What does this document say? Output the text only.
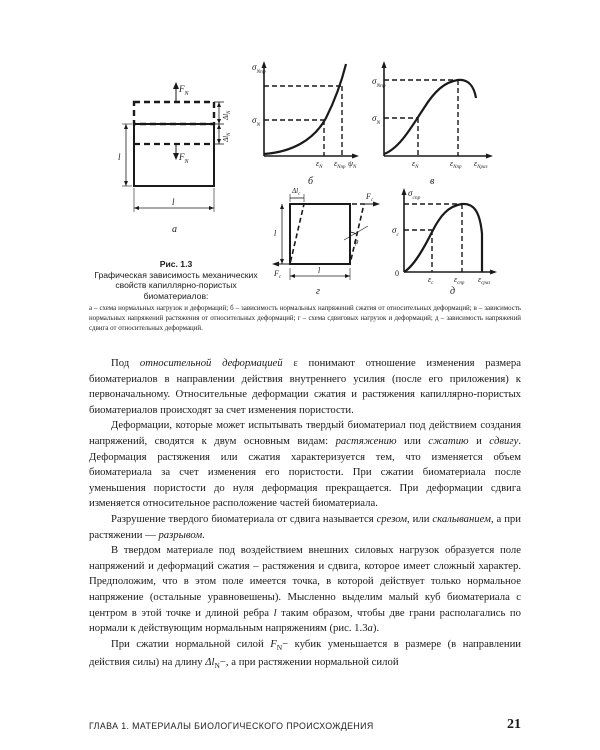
$F_N$
$F_N$
$\Delta l_N$
$\Delta l_N$
l
l
а
$\sigma_{Nпр}$
$\sigma_N$
$\varepsilon_N$ $\varepsilon_{Nпр}$ $\psi_N$
б
$\sigma_{Nпр}$
$\sigma_N$
$\varepsilon_N$	$\varepsilon_{Nпр}$ $\varepsilon_{Nраз}$
в
$\Delta l_c$	$F_c$
$F_c$
φ
l
l
г
$\sigma_{cпр}$
$\sigma_c$
0
$\varepsilon_c$	$\varepsilon_{cпр}$ $\varepsilon_{cраз}$
д
Рис. 1.3
Графическая зависимость механических свойств капиллярно-пористых биоматериалов:
а – схема нормальных нагрузок и деформаций; б – зависимость нормальных напряжений сжатия от относительных деформаций; в – зависимость нормальных напряжений растяжения от относительных деформаций; г – схема сдвиговых нагрузок и деформаций; д – зависимость напряжений сдвига от относительных деформаций.

Под относительной деформацией ε понимают отношение изменения размера биоматериалов в направлении действия внутреннего усилия (после его приложения) к первоначальному. Относительные деформации сжатия и растяжения капиллярно-пористых биоматериалов происходят за счет изменения пористости.

Деформации, которые может испытывать твердый биоматериал под действием создания напряжений, сводятся к двум основным видам: растяжению или сжатию и сдвигу. Деформация растяжения или сжатия характеризуется тем, что изменяется объем биоматериала за счет изменения его пористости. При сжатии биоматериала после уменьшения пористости до нуля деформация прекращается. При деформации сдвига изменяется относительное расположение частей биоматериала.

Разрушение твердого биоматериала от сдвига называется срезом, или скалыванием, а при растяжении — разрывом.

В твердом материале под воздействием внешних силовых нагрузок образуется поле напряжений и деформаций сжатия – растяжения и сдвига, которое имеет сложный характер. Предположим, что в этом поле имеется точка, в которой действует только нормальное напряжение (остальные уравновешены). Мысленно выделим малый куб биоматериала с центром в этой точке и длиной ребра l таким образом, чтобы две грани располагались по нормали к действующим нормальным напряжениям (рис. 1.3а).

При сжатии нормальной силой $F_N-$ кубик уменьшается в размере (в направлении действия силы) на длину $\Delta l_N-$, а при растяжении нормальной силой

ГЛАВА 1. МАТЕРИАЛЫ БИОЛОГИЧЕСКОГО ПРОИСХОЖДЕНИЯ	21
